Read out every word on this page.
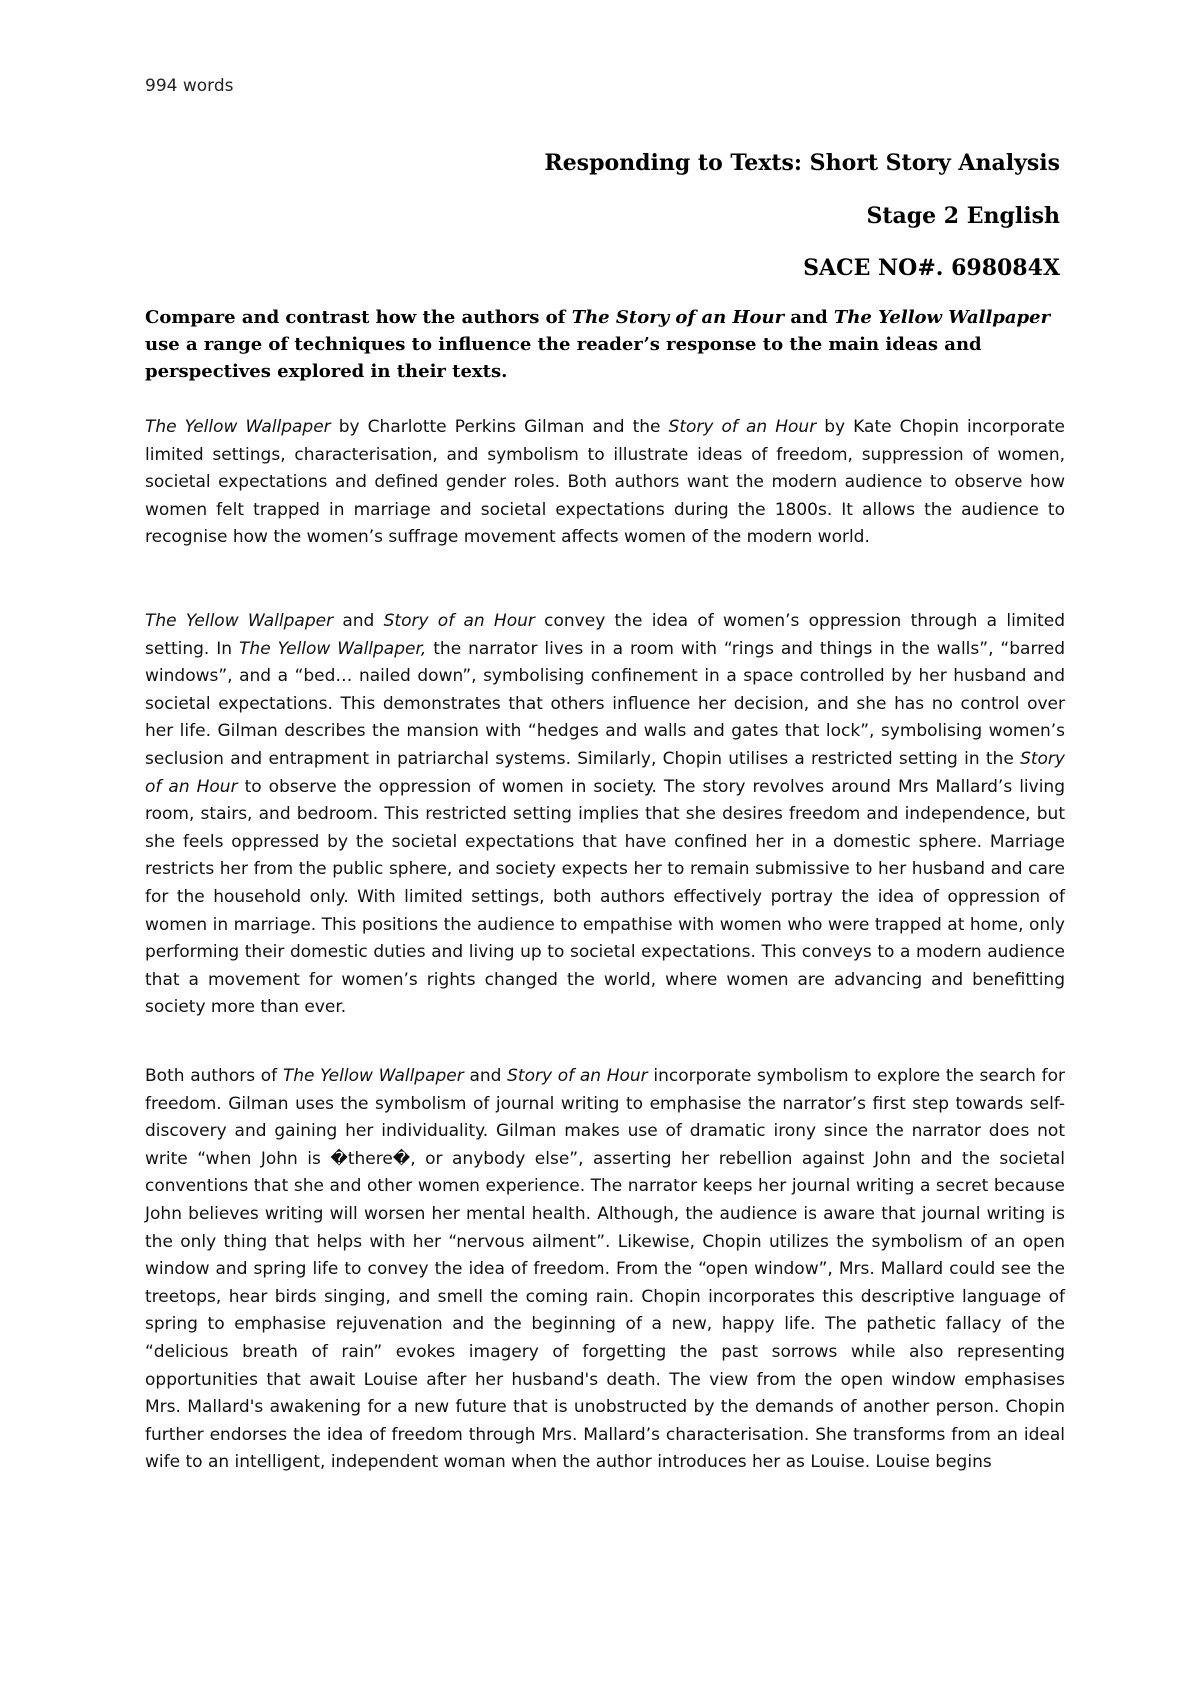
994 words
Responding to Texts: Short Story Analysis
Stage 2 English
SACE NO#. 698084X
Compare and contrast how the authors of The Story of an Hour and The Yellow Wallpaper use a range of techniques to influence the reader’s response to the main ideas and perspectives explored in their texts.

The Yellow Wallpaper by Charlotte Perkins Gilman and the Story of an Hour by Kate Chopin incorporate limited settings, characterisation, and symbolism to illustrate ideas of freedom, suppression of women, societal expectations and defined gender roles. Both authors want the modern audience to observe how women felt trapped in marriage and societal expectations during the 1800s. It allows the audience to recognise how the women’s suffrage movement affects women of the modern world.

The Yellow Wallpaper and Story of an Hour convey the idea of women’s oppression through a limited setting. In The Yellow Wallpaper, the narrator lives in a room with “rings and things in the walls”, “barred windows”, and a “bed… nailed down”, symbolising confinement in a space controlled by her husband and societal expectations. This demonstrates that others influence her decision, and she has no control over her life. Gilman describes the mansion with “hedges and walls and gates that lock”, symbolising women’s seclusion and entrapment in patriarchal systems. Similarly, Chopin utilises a restricted setting in the Story of an Hour to observe the oppression of women in society. The story revolves around Mrs Mallard’s living room, stairs, and bedroom. This restricted setting implies that she desires freedom and independence, but she feels oppressed by the societal expectations that have confined her in a domestic sphere. Marriage restricts her from the public sphere, and society expects her to remain submissive to her husband and care for the household only. With limited settings, both authors effectively portray the idea of oppression of women in marriage. This positions the audience to empathise with women who were trapped at home, only performing their domestic duties and living up to societal expectations. This conveys to a modern audience that a movement for women’s rights changed the world, where women are advancing and benefitting society more than ever.

Both authors of The Yellow Wallpaper and Story of an Hour incorporate symbolism to explore the search for freedom. Gilman uses the symbolism of journal writing to emphasise the narrator’s first step towards self-discovery and gaining her individuality. Gilman makes use of dramatic irony since the narrator does not write “when John is �there�, or anybody else”, asserting her rebellion against John and the societal conventions that she and other women experience. The narrator keeps her journal writing a secret because John believes writing will worsen her mental health. Although, the audience is aware that journal writing is the only thing that helps with her “nervous ailment”. Likewise, Chopin utilizes the symbolism of an open window and spring life to convey the idea of freedom. From the “open window”, Mrs. Mallard could see the treetops, hear birds singing, and smell the coming rain. Chopin incorporates this descriptive language of spring to emphasise rejuvenation and the beginning of a new, happy life. The pathetic fallacy of the “delicious breath of rain” evokes imagery of forgetting the past sorrows while also representing opportunities that await Louise after her husband's death. The view from the open window emphasises Mrs. Mallard's awakening for a new future that is unobstructed by the demands of another person. Chopin further endorses the idea of freedom through Mrs. Mallard’s characterisation. She transforms from an ideal wife to an intelligent, independent woman when the author introduces her as Louise. Louise begins
